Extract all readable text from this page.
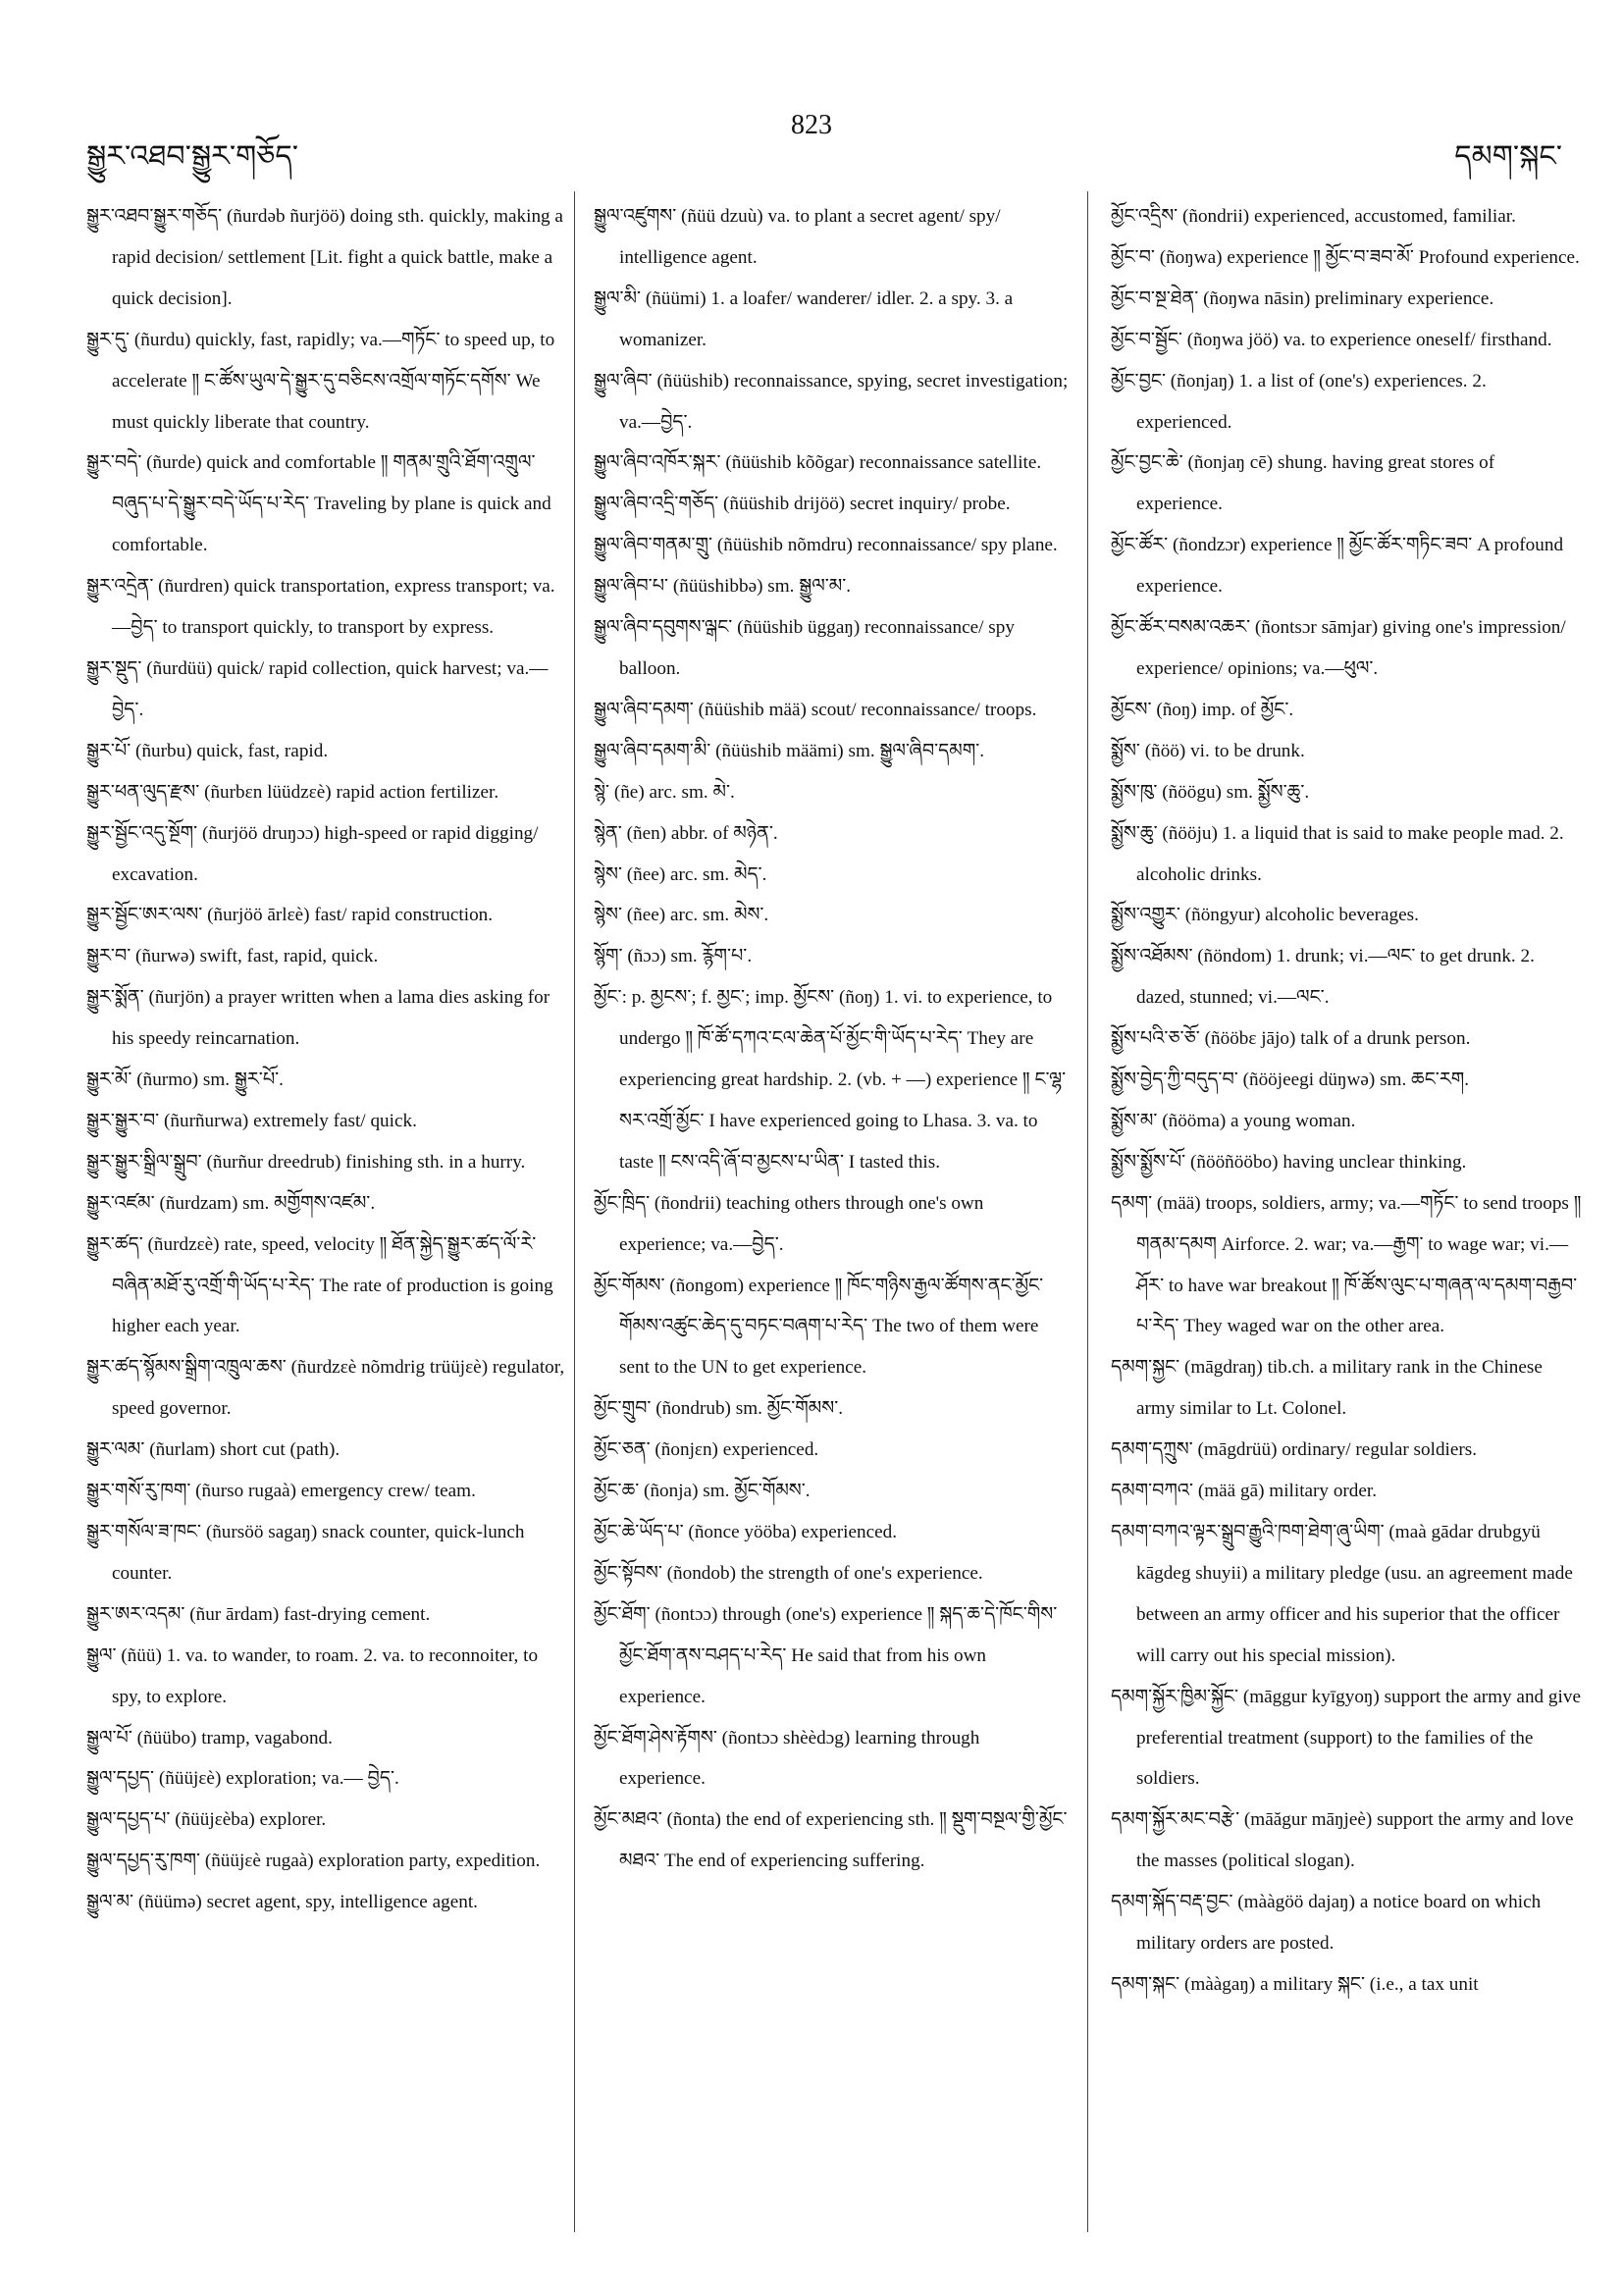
སྒྱུར་འཐབ་སྒྱུར་གཅོད་
823
དམག་སྐང་

སྒྱུར་འཐབ་སྒྱུར་གཅོད་ (ñurdəb ñurjöö) doing sth. quickly, making a rapid decision/ settlement [Lit. fight a quick battle, make a quick decision].

སྒྱུར་དུ་ (ñurdu) quickly, fast, rapidly; va.—གཏོང་ to speed up, to accelerate ༎ ང་ཚོས་ཡུལ་དེ་སྒྱུར་དུ་བཅིངས་འགྲོལ་གཏོང་དགོས་ We must quickly liberate that country.

སྒྱུར་བདེ་ (ñurde) quick and comfortable ༎ གནམ་གྲུའི་ཐོག་འགྲུལ་བཞུད་པ་དེ་སྒྱུར་བདེ་ཡོད་པ་རེད་ Traveling by plane is quick and comfortable.

སྒྱུར་འདྲེན་ (ñurdren) quick transportation, express transport; va.—བྱེད་ to transport quickly, to transport by express.

སྒྱུར་སྡུད་ (ñurdüü) quick/ rapid collection, quick harvest; va.—བྱེད་.

སྒྱུར་པོ་ (ñurbu) quick, fast, rapid.

སྒྱུར་ཕན་ལུད་རྫས་ (ñurbɛn lüüdzɛè) rapid action fertilizer.

སྒྱུར་སྦྱོང་འདུ་སྔོག་ (ñurjöö druŋɔɔ) high-speed or rapid digging/ excavation.

སྒྱུར་སྦྱོང་ཨར་ལས་ (ñurjöö ārlɛè) fast/ rapid construction.

སྒྱུར་བ་ (ñurwə) swift, fast, rapid, quick.

སྒྱུར་སྨོན་ (ñurjön) a prayer written when a lama dies asking for his speedy reincarnation.

སྒྱུར་མོ་ (ñurmo) sm. སྒྱུར་པོ་.

སྒྱུར་སྒྱུར་བ་ (ñurñurwa) extremely fast/ quick.

སྒྱུར་སྒྱུར་སྒྲིལ་སྒྲུབ་ (ñurñur dreedrub) finishing sth. in a hurry.

སྒྱུར་འཛམ་ (ñurdzam) sm. མགྱོགས་འཛམ་.

སྒྱུར་ཚད་ (ñurdzɛè) rate, speed, velocity ༎ ཐོན་སྐྱེད་སྒྱུར་ཚད་ལོ་རེ་བཞིན་མཐོ་རུ་འགྲོ་གི་ཡོད་པ་རེད་ The rate of production is going higher each year.

སྒྱུར་ཚད་སྙོམས་སྒྲིག་འཁྲུལ་ཆས་ (ñurdzɛè nõmdrig trüüjɛè) regulator, speed governor.

སྒྱུར་ལམ་ (ñurlam) short cut (path).

སྒྱུར་གསོ་རུ་ཁག་ (ñurso rugaà) emergency crew/ team.

སྒྱུར་གསོལ་ཟ་ཁང་ (ñursöö sagaŋ) snack counter, quick-lunch counter.

སྒྱུར་ཨར་འདམ་ (ñur ārdam) fast-drying cement.

སྒྱུལ་ (ñüü) 1. va. to wander, to roam. 2. va. to reconnoiter, to spy, to explore.

སྒྱུལ་པོ་ (ñüübo) tramp, vagabond.

སྒྱུལ་དཔྱད་ (ñüüjɛè) exploration; va.— བྱེད་.

སྒྱུལ་དཔྱད་པ་ (ñüüjɛèba) explorer.

སྒྱུལ་དཔྱད་རུ་ཁག་ (ñüüjɛè rugaà) exploration party, expedition.

སྒྱུལ་མ་ (ñüümə) secret agent, spy, intelligence agent.

སྒྱུལ་འཛུགས་ (ñüü dzuù) va. to plant a secret agent/ spy/ intelligence agent.

སྒྱུལ་མི་ (ñüümi) 1. a loafer/ wanderer/ idler. 2. a spy. 3. a womanizer.

སྒྱུལ་ཞིབ་ (ñüüshib) reconnaissance, spying, secret investigation; va.—བྱེད་.

སྒྱུལ་ཞིབ་འཁོར་སྐར་ (ñüüshib kõõgar) reconnaissance satellite.

སྒྱུལ་ཞིབ་འདྲི་གཅོད་ (ñüüshib drijöö) secret inquiry/ probe.

སྒྱུལ་ཞིབ་གནམ་གྲུ་ (ñüüshib nõmdru) reconnaissance/ spy plane.

སྒྱུལ་ཞིབ་པ་ (ñüüshibbə) sm. སྒྱུལ་མ་.

སྒྱུལ་ཞིབ་དབུགས་ལྒང་ (ñüüshib üggaŋ) reconnaissance/ spy balloon.

སྒྱུལ་ཞིབ་དམག་ (ñüüshib mää) scout/ reconnaissance/ troops.

སྒྱུལ་ཞིབ་དམག་མི་ (ñüüshib määmi) sm. སྒྱུལ་ཞིབ་དམག་.

སྙེ་ (ñe) arc. sm. མེ་.

སྙེན་ (ñen) abbr. of མཉེན་.

སྙེས་ (ñee) arc. sm. མེད་.

སྙེས་ (ñee) arc. sm. མེས་.

སྙོག་ (ñɔɔ) sm. རྙོག་པ་.

མྱོང་: p. མྱངས་; f. མྱང་; imp. མྱོངས་ (ñoŋ) 1. vi. to experience, to undergo ༎ ཁོ་ཚོ་དཀའ་ངལ་ཆེན་པོ་མྱོང་གི་ཡོད་པ་རེད་ They are experiencing great hardship. 2. (vb. + —) experience ༎ ང་ལྷ་སར་འགྲོ་མྱོང་ I have experienced going to Lhasa. 3. va. to taste ༎ ངས་འདི་ཞོ་བ་མྱངས་པ་ཡིན་ I tasted this.

མྱོང་ཁྲིད་ (ñondrii) teaching others through one's own experience; va.—བྱེད་.

མྱོང་གོམས་ (ñongom) experience ༎ ཁོང་གཉིས་རྒྱལ་ཚོགས་ནང་མྱོང་གོམས་འཚུང་ཆེད་དུ་བཏང་བཞག་པ་རེད་ The two of them were sent to the UN to get experience.

མྱོང་གྲུབ་ (ñondrub) sm. མྱོང་གོམས་.

མྱོང་ཅན་ (ñonjɛn) experienced.

མྱོང་ཆ་ (ñonja) sm. མྱོང་གོམས་.

མྱོང་ཆེ་ཡོད་པ་ (ñonce yööba) experienced.

མྱོང་སྟོབས་ (ñondob) the strength of one's experience.

མྱོང་ཐོག་ (ñontɔɔ) through (one's) experience ༎ སྐད་ཆ་དེ་ཁོང་གིས་མྱོང་ཐོག་ནས་བཤད་པ་རེད་ He said that from his own experience.

མྱོང་ཐོག་ཤེས་རྟོགས་ (ñontɔɔ shèèdɔg) learning through experience.

མྱོང་མཐའ་ (ñonta) the end of experiencing sth. ༎ སྡུག་བསྔལ་གྱི་མྱོང་མཐའ་ The end of experiencing suffering.

མྱོང་འདྲིས་ (ñondrii) experienced, accustomed, familiar.

མྱོང་བ་ (ñoŋwa) experience ༎ མྱོང་བ་ཟབ་མོ་ Profound experience.

མྱོང་བ་སྔ་ཐེན་ (ñoŋwa nāsin) preliminary experience.

མྱོང་བ་སྦྱོང་ (ñoŋwa jöö) va. to experience oneself/ firsthand.

མྱོང་བྱང་ (ñonjaŋ) 1. a list of (one's) experiences. 2. experienced.

མྱོང་བྱང་ཆེ་ (ñonjaŋ cē) shung. having great stores of experience.

མྱོང་ཚོར་ (ñondzɔr) experience ༎ མྱོང་ཚོར་གཏིང་ཟབ་ A profound experience.

མྱོང་ཚོར་བསམ་འཆར་ (ñontsɔr sāmjar) giving one's impression/ experience/ opinions; va.—ཕུལ་.

མྱོངས་ (ñoŋ) imp. of མྱོང་.

སྨྱོས་ (ñöö) vi. to be drunk.

སྨྱོས་ཁུ་ (ñöögu) sm. སྨྱོས་ཆུ་.

སྨྱོས་ཆུ་ (ñööju) 1. a liquid that is said to make people mad. 2. alcoholic drinks.

སྨྱོས་འགྱུར་ (ñöngyur) alcoholic beverages.

སྨྱོས་འཐོམས་ (ñöndom) 1. drunk; vi.—ལང་ to get drunk. 2. dazed, stunned; vi.—ལང་.

སྨྱོས་པའི་ཅ་ཅོ་ (ñööbɛ jājo) talk of a drunk person.

སྨྱོས་བྱེད་ཀྱི་བདུད་བ་ (ñööjeegi düŋwə) sm. ཆང་རག.

སྨྱོས་མ་ (ñööma) a young woman.

སྨྱོས་སྨྱོས་པོ་ (ñööñööbo) having unclear thinking.

དམག་ (mää) troops, soldiers, army; va.—གཏོང་ to send troops ༎ གནམ་དམག Airforce. 2. war; va.—རྒྱག་ to wage war; vi.—ཤོར་ to have war breakout ༎ ཁོ་ཚོས་ལུང་པ་གཞན་ལ་དམག་བརྒྱབ་པ་རེད་ They waged war on the other area.

དམག་སྐྱང་ (māgdraŋ) tib.ch. a military rank in the Chinese army similar to Lt. Colonel.

དམག་དཀྲུས་ (māgdrüü) ordinary/ regular soldiers.

དམག་བཀའ་ (mää gā) military order.

དམག་བཀའ་ལྟར་སྒྲུབ་རྒྱུའི་ཁག་ཐེག་ཞུ་ཡིག་ (maà gādar drubgyü kāgdeg shuyii) a military pledge (usu. an agreement made between an army officer and his superior that the officer will carry out his special mission).

དམག་སྐྱོར་ཁྱིམ་སྐྱོང་ (māggur kyīgyoŋ) support the army and give preferential treatment (support) to the families of the soldiers.

དམག་སྐྱོར་མང་བརྩེ་ (māăgur māŋjeè) support the army and love the masses (political slogan).

དམག་སྐོད་བརྡ་བྱང་ (mààgöö dajaŋ) a notice board on which military orders are posted.

དམག་སྐང་ (mààgaŋ) a military སྐང་ (i.e., a tax unit
